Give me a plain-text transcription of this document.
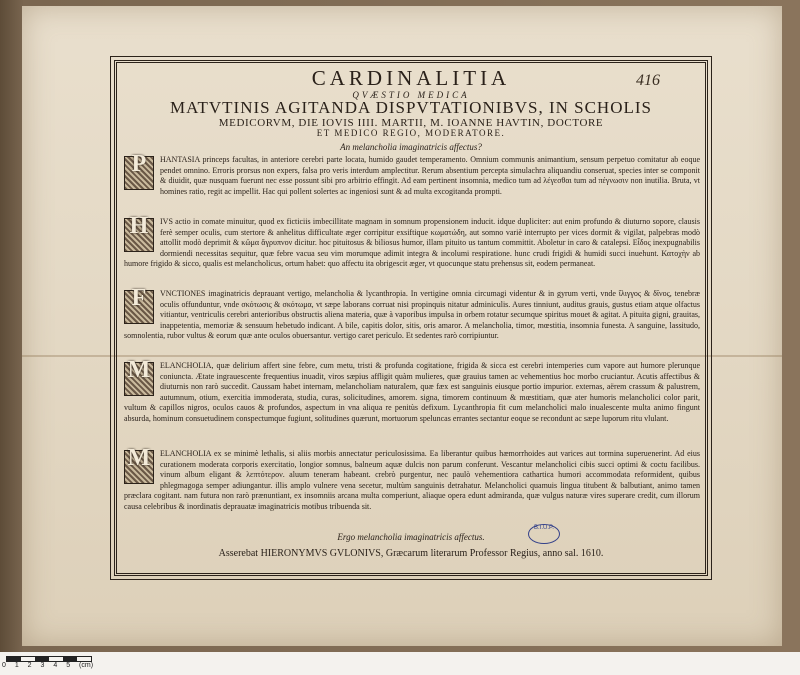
416
CARDINALITIA
QVÆSTIO MEDICA
MATVTINIS AGITANDA DISPVTATIONIBVS, IN SCHOLIS
MEDICORVM, DIE IOVIS IIII. MARTII, M. IOANNE HAVTIN, DOCTORE
ET MEDICO REGIO, MODERATORE.
An melancholia imaginatricis affectus?
P	HANTASIA princeps facultas, in anteriore cerebri parte locata, humido gaudet temperamento. Omnium communis animantium, sensum perpetuo comitatur ab eoque pendet omnino. Erroris prorsus non expers, falsa pro veris interdum amplectitur. Rerum absentium percepta simulachra aliquandiu conseruat, species inter se componit & diuidit, quæ nusquam fuerunt nec esse possunt sibi pro arbitrio effingit. Ad eam pertinent insomnia, medico tum ad λέγεσθαι tum ad πέγνωσιν non inutilia. Bruta, vt homines ratio, regit ac impellit. Hac qui pollent solertes ac ingeniosi sunt & ad multa excogitanda prompti.
H	IVS actio in comate minuitur, quod ex ficticiis imbecillitate magnam in somnum propensionem inducit. idque dupliciter: aut enim profundo & diuturno sopore, clausis ferè semper oculis, cum stertore & anhelitus difficultate æger corripitur exsiftique κωματώδη, aut somno variè interrupto per vices dormit & vigilat, palpebras modò attollit modò deprimit & κῶμα ἄγρυπνον dicitur. hoc pituitosus & biliosus humor, illam pituito us tantum committit. Aboletur in caro & catalepsi. Εἶδος inexpugnabilis dormiendi necessitas sequitur, quæ febre vacua seu vim morumque adimit integra & incolumi respiratione. hunc crudi frigidi & humidi succi inuehunt. Κατοχὴν ab humore frigido & sicco, qualis est melancholicus, ortum habet: quo affectu ita obrigescit æger, vt quocunque statu prehensus sit, eodem permaneat.
F	VNCTIONES imaginatricis deprauant vertigo, melancholia & lycanthropia. In vertigine omnia circumagi videntur & in gyrum verti, vnde ἴλιγγος & δῖνος, tenebræ oculis offunduntur, vnde σκότωσις & σκότωμα, vt sæpe laborans corruat nisi propinquis nitatur adminiculis. Aures tinniunt, auditus grauis, gustus etiam atque olfactus vitiantur, ventriculis cerebri anterioribus obstructis aliena materia, quæ à vaporibus impulsa in orbem rotatur secumque spiritus mouet & agitat. A pituita gigni, grauitas, inappetentia, memoriæ & sensuum hebetudo indicant. A bile, capitis dolor, sitis, oris amaror. A melancholia, timor, mœstitia, insomnia funesta. A sanguine, lassitudo, somnolentia, rubor vultus & eorum quæ ante oculos obuersantur. vertigo caret periculo. Et sedentes rarò corripiuntur.
M	ELANCHOLIA, quæ delirium affert sine febre, cum metu, tristi & profunda cogitatione, frigida & sicca est cerebri intemperies cum vapore aut humore plerunque coniuncta. Ætate ingrauescente frequentius inuadit, viros sæpius affligit quàm mulieres, quæ grauius tamen ac vehementius hoc morbo cruciantur. Acutis affectibus & diuturnis non rarò succedit. Caussam habet internam, melancholiam naturalem, quæ fæx est sanguinis eiusque portio impurior. externas, aërem crassum & palustrem, autumnum, otium, exercitia immoderata, studia, curas, solicitudines, amorem. signa, timorem continuum & mœstitiam, quæ ater humoris melancholici color parit, vultum & capillos nigros, oculos cauos & profundos, aspectum in vna aliqua re penitùs defixum. Lycanthropia fit cum melancholici malo inualescente multa animo fingunt absurda, hominum consuetudinem conspectumque fugiunt, solitudines quærunt, mortuorum speluncas errantes sectantur eoque se recondunt ac sæpe luporum ritu vlulant.
M	ELANCHOLIA ex se minimè lethalis, si aliis morbis annectatur periculosissima. Ea liberantur quibus hæmorrhoides aut varices aut tormina superuenerint. Ad eius curationem moderata corporis exercitatio, longior somnus, balneum aquæ dulcis non parum conferunt. Vescantur melancholici cibis succi optimi & coctu facilibus. vinum album eligant & λεπτότερον. aluum teneram habeant. crebrò purgentur, nec paulò vehementiora cathartica humori accommodata reformident, quibus phlegmagoga semper adiungantur. illis amplo vulnere vena secetur, multùm sanguinis detrahatur. Melancholici quamuis lingua titubent & balbutiant, animo tamen præclara cogitant. nam futura non rarò prænuntiant, ex insomniis arcana multa comperiunt, aliaque opera edunt admiranda, quæ vulgus naturæ vires superare credit, cum illorum causa celebribus & inordinatis deprauatæ imaginatricis motibus tribuenda sit.
Ergo melancholia imaginatricis affectus.
Asserebat HIERONYMVS GVLONIVS, Græcarum literarum Professor Regius, anno sal. 1610.
B.I.U.P.
0 1 2 3 4 5 (cm)
